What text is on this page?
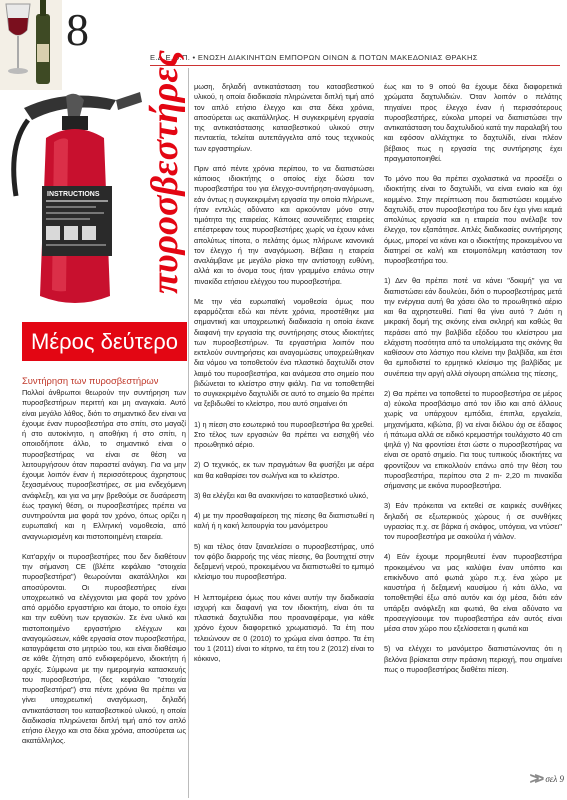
8
Ε.Δ.Ε.Ο.Π. • ΕΝΩΣΗ ΔΙΑΚΙΝΗΤΩΝ ΕΜΠΟΡΩΝ ΟΙΝΩΝ & ΠΟΤΩΝ ΜΑΚΕΔΟΝΙΑΣ ΘΡΑΚΗΣ
INSTRUCTIONS πυροσβεστήρες
Μέρος δεύτερο
Συντήρηση των πυροσβεστήρων

Πολλοί άνθρωποι θεωρούν την συντήρηση των πυροσβεστήρων περιττή και μη αναγκαία. Αυτό είναι μεγάλο λάθος, διότι το σημαντικό δεν είναι να έχουμε έναν πυροσβεστήρα στο σπίτι, στο μαγαζί ή στο αυτοκίνητο, η αποθήκη ή στο σπίτι, η οποιοδήποτε άλλο, το σημαντικό είναι ο πυροσβεστήρας να είναι σε θέση να λειτουργήσουν όταν παραστεί ανάγκη. Για να μην έχουμε λοιπόν έναν ή περισσότερους άχρηστους ξεχασμένους πυροσβεστήρες, σε μια ενδεχόμενη ανάφλεξη, και για να μην βρεθούμε σε δυσάρεστη έως τραγική θέση, οι πυροσβεστήρες πρέπει να συντηρούνται μια φορά τον χρόνο, όπως ορίζει η ευρωπαϊκή και η Ελληνική νομοθεσία, από αναγνωρισμένη και πιστοποιημένη εταιρεία.

Κατ'αρχήν οι πυροσβεστήρες που δεν διαθέτουν την σήμανση CE (βλέπε κεφάλαιο "στοιχεία πυροσβεστήρα") θεωρούνται ακατάλληλοι και αποσύρονται. Οι πυροσβεστήρες είναι υποχρεωτικό να ελέγχονται μια φορά τον χρόνο από αρμόδιο εργαστήριο και άτομο, το οποίο έχει και την ευθύνη των εργασιών. Σε ένα υλικό και πιστοποιημένο εργαστήριο ελέγχων και αναγομώσεων, κάθε εργασία στον πυροσβεστήρα, καταγράφεται στο μητρώο του, και είναι διαθέσιμο σε κάθε ζήτηση από ενδιαφερόμενο, ιδιοκτήτη ή αρχές. Σύμφωνα με την ημερομηνία κατασκευής του πυροσβεστήρα, (δες κεφάλαιο "στοιχεία πυροσβεστήρα") στα πέντε χρόνια θα πρέπει να γίνει υποχρεωτική αναγόμωση, δηλαδή αντικατάσταση του κατασβεστικού υλικού, η οποία διαδικασία πληρώνεται διπλή τιμή από τον απλό ετήσιο έλεγχο και στα δέκα χρόνια, αποσύρεται ως ακατάλληλος.

μωση, δηλαδή αντικατάσταση του κατασβεστικού υλικού, η οποία διαδικασία πληρώνεται διπλή τιμή από τον απλό ετήσιο έλεγχο και στα δέκα χρόνια, αποσύρεται ως ακατάλληλος. Η συγκεκριμένη εργασία της αντικατάστασης κατασβεστικού υλικού στην πενταετία, τελείται αυτεπάγγελτα από τους τεχνικούς των εργαστηρίων.

Πριν από πέντε χρόνια περίπου, το να διαπιστώσει κάποιος ιδιοκτήτης ο οποίος είχε δώσει τον πυροσβεστήρα του για έλεγχο-συντήρηση-αναγόμωση, εάν όντως η συγκεκριμένη εργασία την οποία πλήρωνε, ήταν εντελώς αδύνατο και αρκούνταν μόνο στην τιμιότητα της εταιρείας. Κάποιες ασυνείδητες εταιρείες επέστρεφαν τους πυροσβεστήρες χωρίς να έχουν κάνει απολύτως τίποτα, ο πελάτης όμως πλήρωνε κανονικά τον έλεγχο ή την αναγόμωση. Βέβαια η εταιρεία αναλάμβανε με μεγάλο ρίσκο την αντίστοιχη ευθύνη, αλλά και το όνομα τους ήταν γραμμένο επάνω στην πινακίδα ετήσιου ελέγχου του πυροσβεστήρα.

Με την νέα ευρωπαϊκή νομοθεσία όμως που εφαρμόζεται εδώ και πέντε χρόνια, προστέθηκε μια σημαντική και υποχρεωτική διαδικασία η οποία έκανε διαφανή την εργασία της συντήρησης στους ιδιοκτήτες των πυροσβεστήρων. Τα εργαστήρια λοιπόν που εκτελούν συντηρήσεις και αναγομώσεις υποχρεώθηκαν δια νόμου να τοποθετούν ένα πλαστικό δαχτυλίδι στον λαιμό του πυροσβεστήρα, και ανάμεσα στο σημείο που βιδώνεται το κλείστρο στην φιάλη. Για να τοποθετηθεί το συγκεκριμένο δαχτυλίδι σε αυτό το σημείο θα πρέπει να ξεβιδωθεί το κλείστρο, που αυτό σημαίνει ότι

1) η πίεση στο εσωτερικό του πυροσβεστήρα θα χρεθεί. Στο τέλος των εργασιών θα πρέπει να εισηχθή νέο προωθητικό αέριο.

2) Ο τεχνικός, εκ των πραγμάτων θα φυσήξει με αέρα και θα καθαρίσει τον σωλήνα και το κλείστρο.

3) θα ελέγξει και θα ανακινήσει το κατασβεστικό υλικό,

4) με την προσθαφαίρεση της πίεσης θα διαπιστωθεί η καλή ή η κακή λειτουργία του μανόμετρου

5) και τέλος όταν ξαναελείσει ο πυροσβεστήρας, υπό τον φόβο διαρροής της νέας πίεσης, θα βουτηχτεί στην δεξαμενή νερού, προκειμένου να διαπιστωθεί το εμπιμό κλείσιμο του πυροσβεστήρα.

Η λεπτομέρεια όμως που κάνει αυτήν την διαδικασία ισχυρή και διαφανή για τον ιδιοκτήτη, είναι ότι τα πλαστικά δαχτυλίδια που προαναφέραμε, για κάθε χρόνο έχουν διαφορετικό χρωματισμό. Τα έτη που τελειώνουν σε 0 (2010) το χρώμα είναι άσπρο. Τα έτη του 1 (2011) είναι το κίτρινο, τα έτη του 2 (2012) είναι το κόκκινο,

έως και το 9 οπού θα έχουμε δέκα διαφορετικά χρώματα δαχτυλιδιών. Όταν λοιπόν ο πελάτης πηγαίνει προς έλεγχο έναν ή περισσότερους πυροσβεστήρες, εύκολα μπορεί να διαπιστώσει την αντικατάσταση του δαχτυλιδιού κατά την παραλαβή του και εφόσον αλλάχτηκε το δαχτυλίδι, είναι πλέον βέβαιος πως η εργασία της συντήρησης έχει πραγματοποιηθεί.

Το μόνο που θα πρέπει σχολαστικά να προσέξει ο ιδιοκτήτης είναι το δαχτυλίδι, να είναι ενιαίο και όχι κομμένο. Στην περίπτωση που διαπιστώσει κομμένο δαχτυλίδι, στον πυροσβεστήρα του δεν έχει γίνει καμιά απολύτως εργασία και η εταιρεία που ανέλαβε τον έλεγχο, τον εξαπάτησε. Απλές διαδικασίες συντήρησης όμως, μπορεί να κάνει και ο ιδιοκτήτης προκειμένου να διατηρεί σε καλή και ετοιμοπόλεμη κατάσταση τον πυροσβεστήρα του.

1) Δεν θα πρέπει ποτέ να κάνει ''δοκιμή'' για να διαπιστώσει εάν δουλεύει, διότι ο πυροσβεστήρας μετά την ενέργεια αυτή θα χάσει όλο το προωθητικό αέριο και θα αχρηστευθεί. Γιατί θα γίνει αυτό ? Διότι η μικρακή δομή της σκόνης είναι σκληρή και καθώς θα περάσει από την βαλβίδα εξόδου του κλείστρου μια ελάχιστη ποσότητα από τα υπολείμματα της σκόνης θα καθίσουν στο λάστιχο που κλείνει την βαλβίδα, και έτσι θα εμποδιστεί το ερμητικό κλείσιμο της βαλβίδας με συνέπεια την αργή αλλά σίγουρη απώλεια της πίεσης,

2) Θα πρέπει να τοποθετεί το πυροσβεστήρα σε μέρος α) εύκολα προσβάσιμο από τον ίδιο και από άλλους χωρίς να υπάρχουν εμπόδια, έπιπλα, εργαλεία, μηχανήματα, κιβώτια, β) να είναι διόλου όχι σε έδαφος ή πάτωμα αλλά σε ειδικό κρεμαστήρι τουλάχιστο 40 cm ψηλά γ) Να φροντίσει έτσι ώστε ο πυροσβεστήρας να είναι σε ορατό σημείο. Για τους τυπικούς ιδιοκτήτες να φροντίζουν να επικολλούν επάνω από την θέση του πυροσβεστήρα, περίπου στα 2 m- 2,20 m πινακίδα σήμανσης με εικόνα πυροσβεστήρα.

3) Εάν πρόκειται να εκτεθεί σε καιρικές συνθήκες δηλαδή σε εξωτερικούς χώρους ή σε συνθήκες υγρασίας π.χ. σε βάρκα ή σκάφος, υπόγεια, να ντύσει'' τον πυροσβεστήρα με σακούλα ή νάιλον.

4) Εάν έχουμε προμηθευτεί έναν πυροσβεστήρα προκειμένου να μας καλύψει έναν υπόπτο και επικίνδυνο από φωτιά χώρο π.χ. ένα χώρο με καυστήρα ή δεξαμενή καυσίμου ή κάτι άλλο, να τοποθετηθεί έξω από αυτόν και όχι μέσα, διότι εάν υπάρξει ανάφλεξη και φωτιά, θα είναι αδύνατο να προσεγγίσουμε τον πυροσβεστήρα εάν αυτός είναι μέσα στον χώρο που εξελίσσεται η φωτιά και

5) να ελέγχει το μανόμετρο διαπιστώνοντας ότι η βελόνα βρίσκεται στην πράσινη περιοχή, που σημαίνει πως ο πυροσβεστήρας διαθέτει πίεση.

>> σελ 9
